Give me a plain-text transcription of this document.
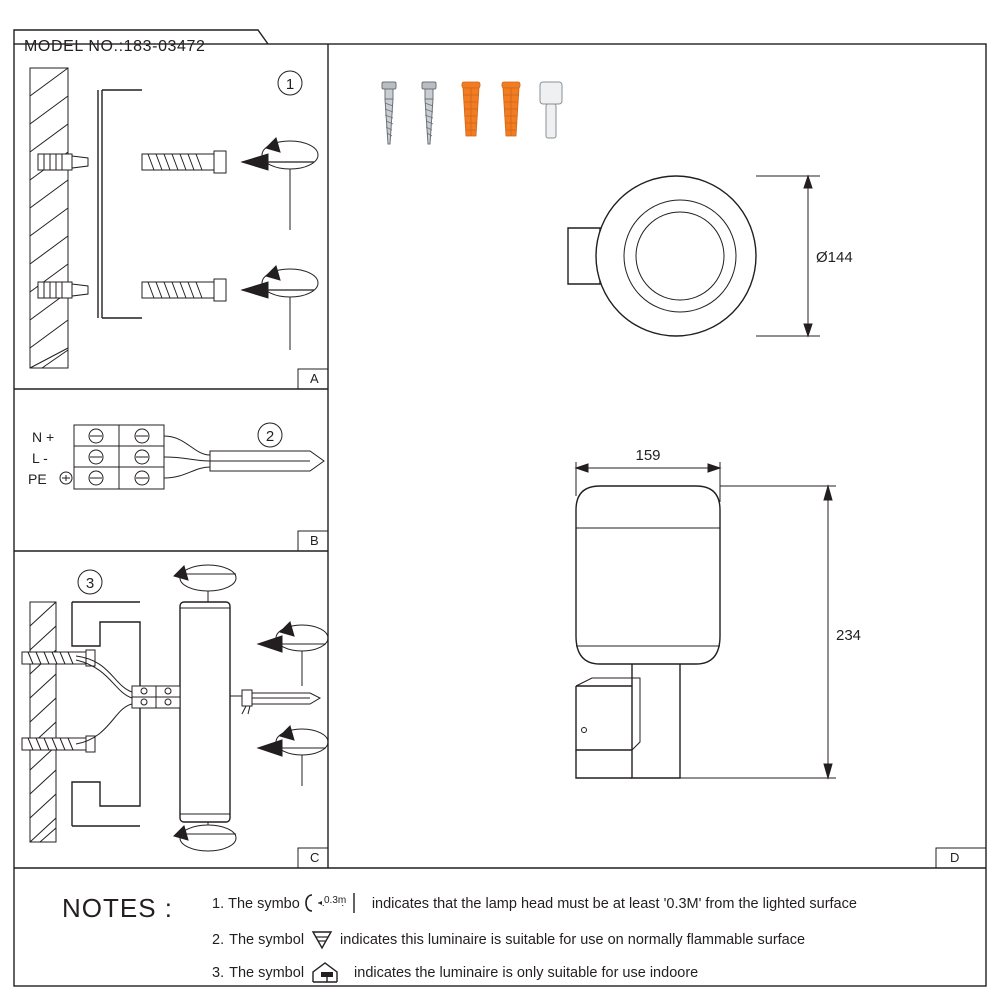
MODEL NO.:183-03472
A
B
C	D
1
2
N +
L -
PE
3
Ø144
159
234
NOTES :	1. The symbo 0.3m indicates that the lamp head must be at least '0.3M' from the lighted surface
2. The symbol indicates this luminaire is suitable for use on normally flammable surface
3. The symbol	indicates the luminaire is only suitable for use indoore
